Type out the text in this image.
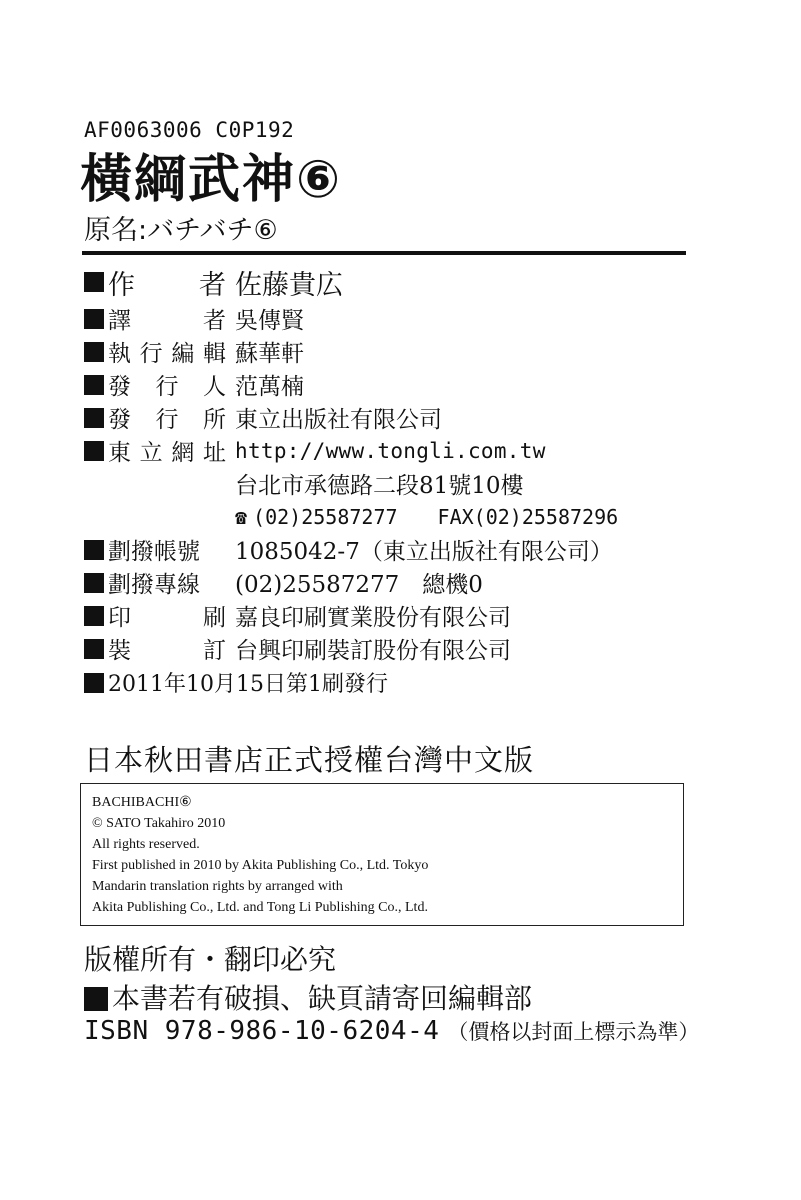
AF0063006 C0P192
橫綱武神⑥
原名:バチバチ⑥
作 者 佐藤貴広
譯	者 吳傳賢
執 行 編 輯 蘇華軒
發 行 人 范萬楠
發 行 所 東立出版社有限公司
東 立 網 址 http://www.tongli.com.tw
台北市承德路二段81號10樓
☎ (02)25587277 FAX(02)25587296
劃撥帳號	1085042-7（東立出版社有限公司）
劃撥專線	(02)25587277　總機0
印	刷 嘉良印刷實業股份有限公司
裝	訂 台興印刷裝訂股份有限公司
2011年10月15日第1刷發行
日本秋田書店正式授權台灣中文版
BACHIBACHI⑥
© SATO Takahiro 2010
All rights reserved.
First published in 2010 by Akita Publishing Co., Ltd. Tokyo
Mandarin translation rights by arranged with
Akita Publishing Co., Ltd. and Tong Li Publishing Co., Ltd.
版權所有・翻印必究
本書若有破損、缺頁請寄回編輯部
ISBN 978-986-10-6204-4 （價格以封面上標示為準）
